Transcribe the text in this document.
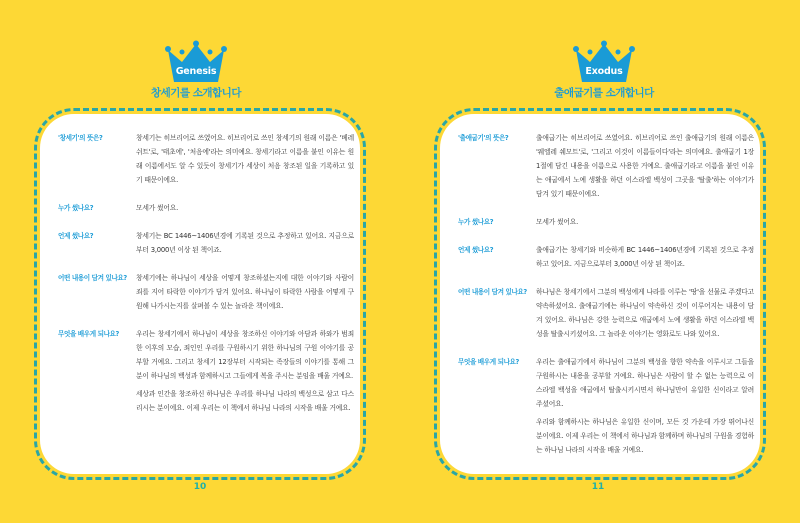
Genesis
창세기를 소개합니다
'창세기'의 뜻은?	창세기는 히브리어로 쓰였어요. 히브리어로 쓰인 창세기의 원래 이름은 '베레쉬트'로, '태초에', '처음에'라는 의미예요. 창세기라고 이름을 붙인 이유는 원래 이름에서도 알 수 있듯이 창세기가 세상이 처음 창조된 일을 기록하고 있기 때문이에요.

누가 썼나요?	모세가 썼어요.

언제 썼나요?	창세기는 BC 1446~1406년경에 기록된 것으로 추정하고 있어요. 지금으로부터 3,000년 이상 된 책이죠.

어떤 내용이 담겨 있나요?	창세기에는 하나님이 세상을 어떻게 창조하셨는지에 대한 이야기와 사람이 죄를 지어 타락한 이야기가 담겨 있어요. 하나님이 타락한 사람을 어떻게 구원해 나가시는지를 살펴볼 수 있는 놀라운 책이에요.

무엇을 배우게 되나요?	우리는 창세기에서 하나님이 세상을 창조하신 이야기와 아담과 하와가 범죄한 이후의 모습, 죄인인 우리를 구원하시기 위한 하나님의 구원 이야기를 공부할 거예요. 그리고 창세기 12장부터 시작되는 족장들의 이야기를 통해 그분이 하나님의 백성과 함께하시고 그들에게 복을 주시는 분임을 배울 거예요.

세상과 인간을 창조하신 하나님은 우리를 하나님 나라의 백성으로 삼고 다스리시는 분이에요. 이제 우리는 이 책에서 하나님 나라의 시작을 배울 거예요.

10
Exodus
출애굽기를 소개합니다
'출애굽기'의 뜻은?	출애굽기는 히브리어로 쓰였어요. 히브리어로 쓰인 출애굽기의 원래 이름은 '웨엘레 쉐모트'로, '그리고 이것이 이름들이다'라는 의미예요. 출애굽기 1장 1절에 담긴 내용을 이름으로 사용한 거예요. 출애굽기라고 이름을 붙인 이유는 애굽에서 노예 생활을 하던 이스라엘 백성이 그곳을 '탈출'하는 이야기가 담겨 있기 때문이에요.

누가 썼나요?	모세가 썼어요.

언제 썼나요?	출애굽기는 창세기와 비슷하게 BC 1446~1406년경에 기록된 것으로 추정하고 있어요. 지금으로부터 3,000년 이상 된 책이죠.

어떤 내용이 담겨 있나요?	하나님은 창세기에서 그분의 백성에게 나라를 이루는 '땅'을 선물로 주겠다고 약속하셨어요. 출애굽기에는 하나님이 약속하신 것이 이루어지는 내용이 담겨 있어요. 하나님은 강한 능력으로 애굽에서 노예 생활을 하던 이스라엘 백성을 탈출시키셨어요. 그 놀라운 이야기는 영화로도 나와 있어요.

무엇을 배우게 되나요?	우리는 출애굽기에서 하나님이 그분의 백성을 향한 약속을 이루시고 그들을 구원하시는 내용을 공부할 거예요. 하나님은 사람이 할 수 없는 능력으로 이스라엘 백성을 애굽에서 탈출시키시면서 하나님만이 유일한 신이라고 알려 주셨어요.

우리와 함께하시는 하나님은 유일한 신이며, 모든 것 가운데 가장 뛰어나신 분이에요. 이제 우리는 이 책에서 하나님과 함께하며 하나님의 구원을 경험하는 하나님 나라의 시작을 배울 거예요.

11
